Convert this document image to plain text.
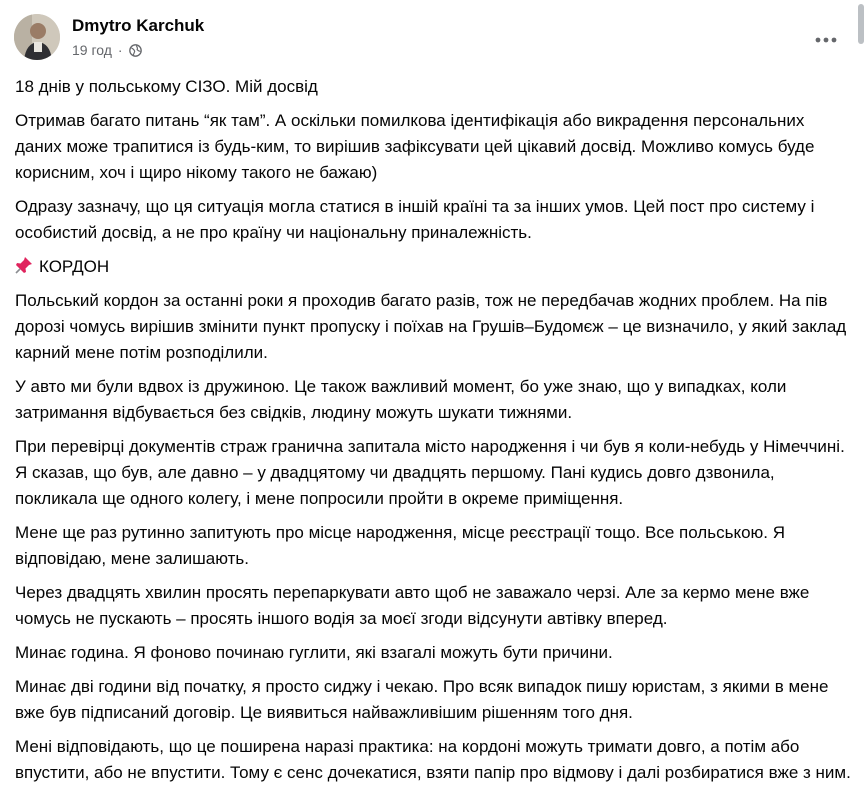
Dmytro Karchuk
19 год ·

18 днів у польському СІЗО. Мій досвід

Отримав багато питань “як там”. А оскільки помилкова ідентифікація або викрадення персональних даних може трапитися із будь-ким, то вирішив зафіксувати цей цікавий досвід. Можливо комусь буде корисним, хоч і щиро нікому такого не бажаю)

Одразу зазначу, що ця ситуація могла статися в іншій країні та за інших умов. Цей пост про систему і особистий досвід, а не про країну чи національну приналежність.

КОРДОН

Польський кордон за останні роки я проходив багато разів, тож не передбачав жодних проблем. На пів дорозі чомусь вирішив змінити пункт пропуску і поїхав на Грушів–Будомєж – це визначило, у який заклад карний мене потім розподілили.

У авто ми були вдвох із дружиною. Це також важливий момент, бо уже знаю, що у випадках, коли затримання відбувається без свідків, людину можуть шукати тижнями.

При перевірці документів страж гранична запитала місто народження і чи був я коли-небудь у Німеччині. Я сказав, що був, але давно – у двадцятому чи двадцять першому. Пані кудись довго дзвонила, покликала ще одного колегу, і мене попросили пройти в окреме приміщення.

Мене ще раз рутинно запитують про місце народження, місце реєстрації тощо. Все польською. Я відповідаю, мене залишають.

Через двадцять хвилин просять перепаркувати авто щоб не заважало черзі. Але за кермо мене вже чомусь не пускають – просять іншого водія за моєї згоди відсунути автівку вперед.

Минає година. Я фоново починаю гуглити, які взагалі можуть бути причини.

Минає дві години від початку, я просто сиджу і чекаю. Про всяк випадок пишу юристам, з якими в мене вже був підписаний договір. Це виявиться найважливішим рішенням того дня.

Мені відповідають, що це поширена наразі практика: на кордоні можуть тримати довго, а потім або впустити, або не впустити. Тому є сенс дочекатися, взяти папір про відмову і далі розбиратися вже з ним.
